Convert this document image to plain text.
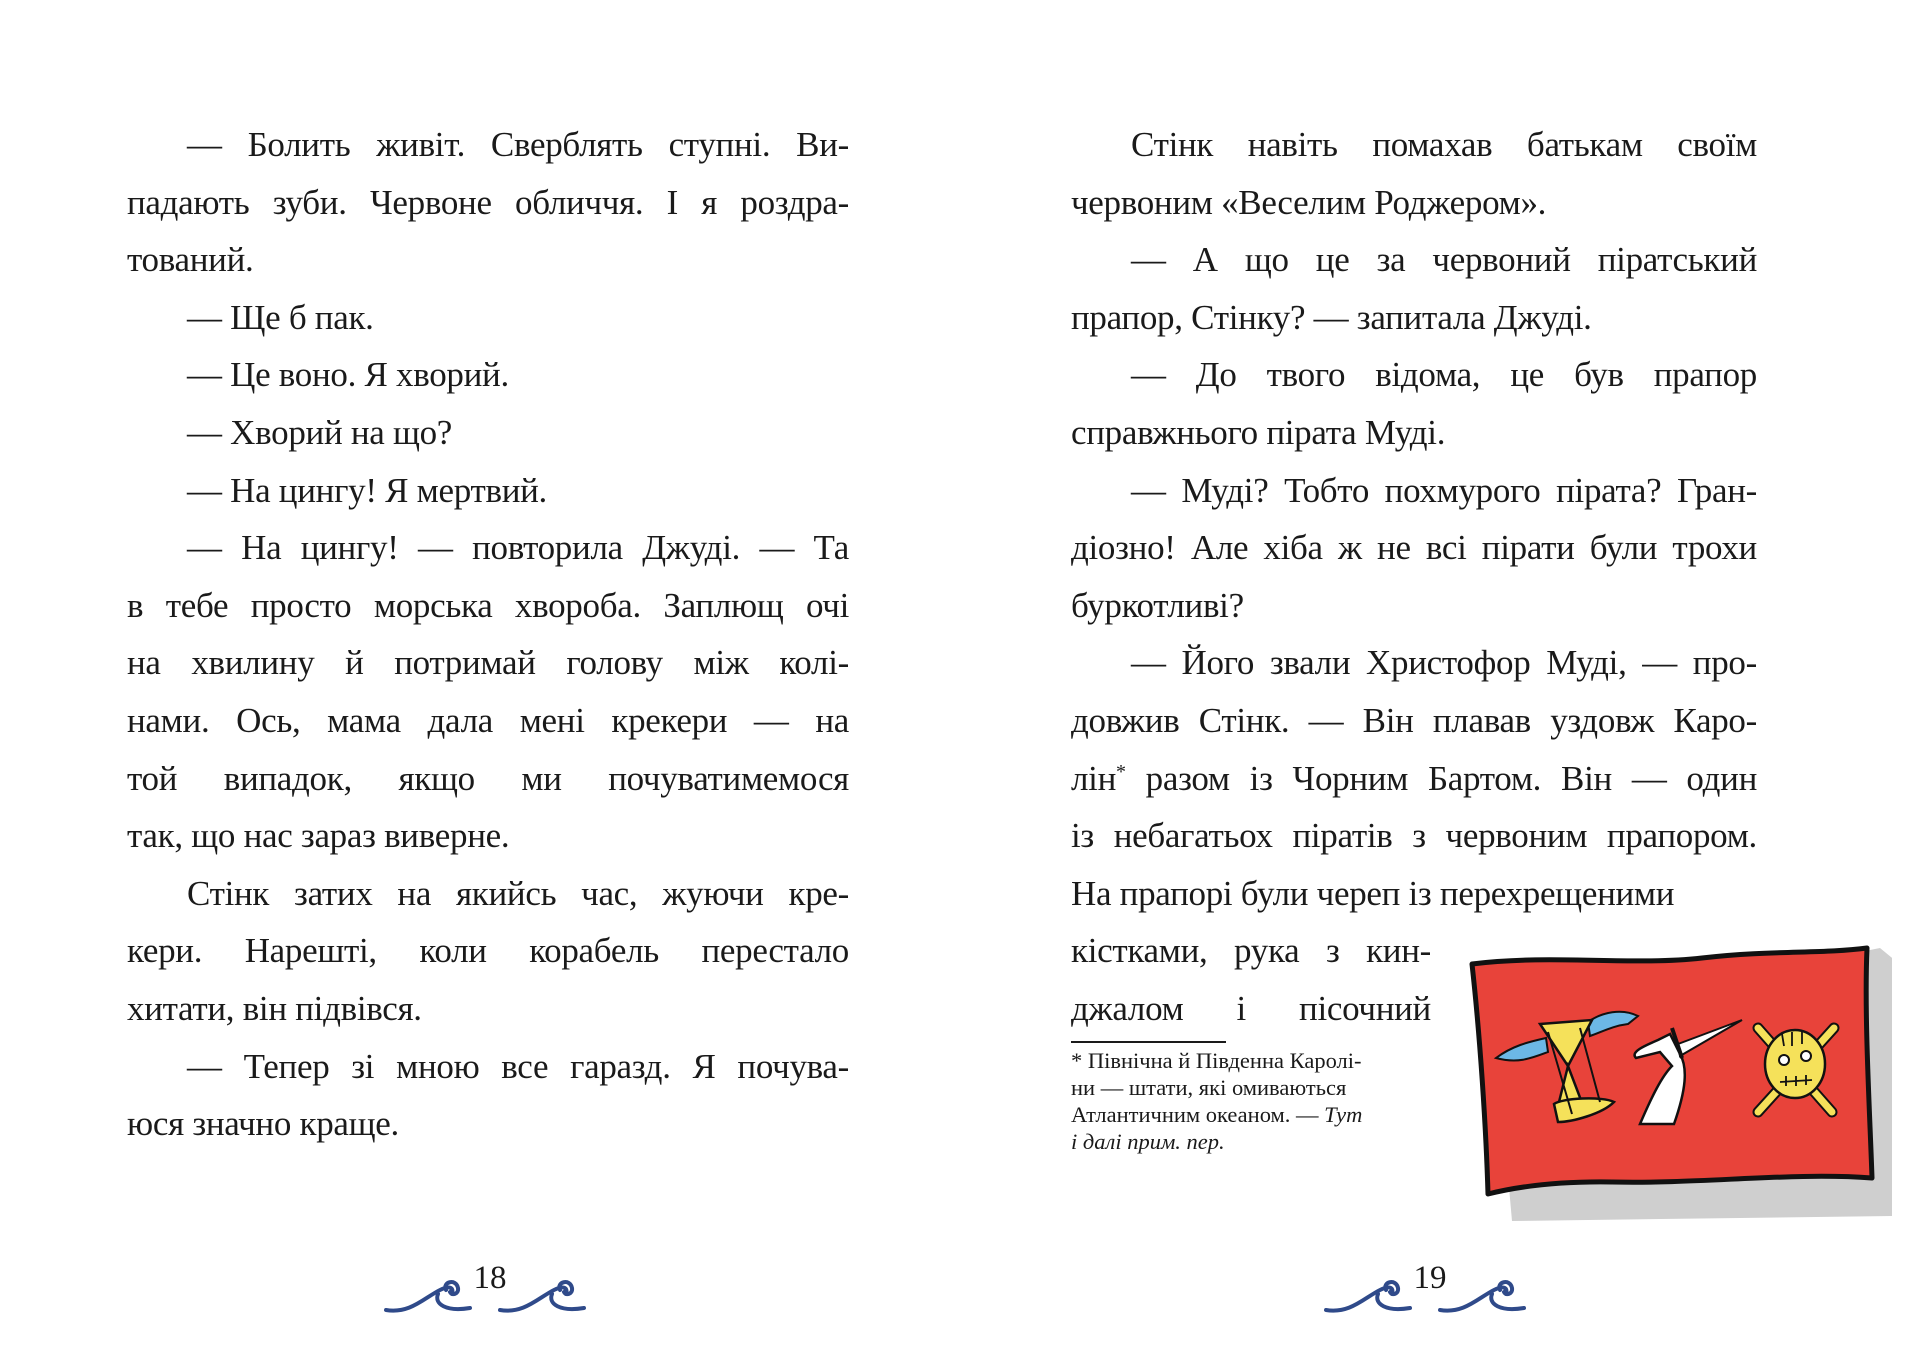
— Болить живіт. Сверблять ступні. Ви-
падають зуби. Червоне обличчя. І я роздра-
тований.
— Ще б пак.
— Це воно. Я хворий.
— Хворий на що?
— На цингу! Я мертвий.
— На цингу! — повторила Джуді. — Та
в тебе просто морська хвороба. Заплющ очі
на хвилину й потримай голову між колі-
нами. Ось, мама дала мені крекери — на
той випадок, якщо ми почуватимемося
так, що нас зараз виверне.
Стінк затих на якийсь час, жуючи кре-
кери. Нарешті, коли корабель перестало
хитати, він підвівся.
— Тепер зі мною все гаразд. Я почува-
юся значно краще.
18
Стінк навіть помахав батькам своїм
червоним «Веселим Роджером».
— А що це за червоний піратський
прапор, Стінку? — запитала Джуді.
— До твого відома, це був прапор
справжнього пірата Муді.
— Муді? Тобто похмурого пірата? Гран-
діозно! Але хіба ж не всі пірати були трохи
буркотливі?
— Його звали Христофор Муді, — про-
довжив Стінк. — Він плавав уздовж Каро-
лін* разом із Чорним Бартом. Він — один
із небагатьох піратів з червоним прапором.
На прапорі були череп із перехрещеними
кістками, рука з кин-
джалом і пісочний
* Північна й Південна Каролі-
ни — штати, які омиваються
Атлантичним океаном. — Тут
і далі прим. пер.
19
